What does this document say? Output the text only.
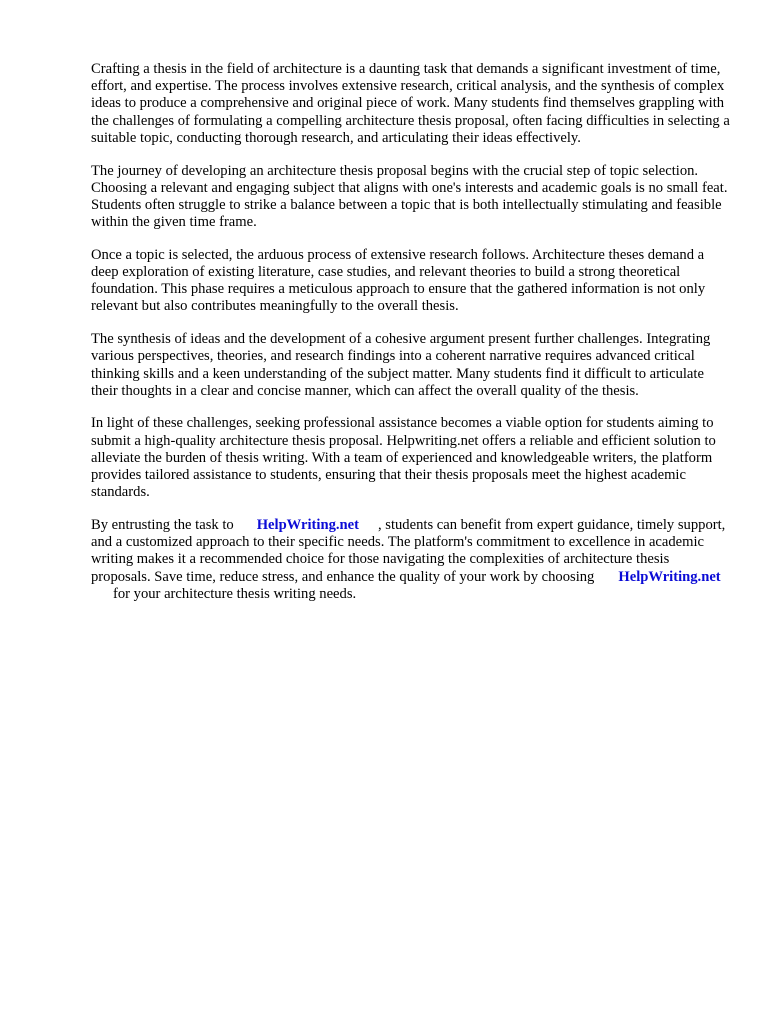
Crafting a thesis in the field of architecture is a daunting task that demands a significant investment of time, effort, and expertise. The process involves extensive research, critical analysis, and the synthesis of complex ideas to produce a comprehensive and original piece of work. Many students find themselves grappling with the challenges of formulating a compelling architecture thesis proposal, often facing difficulties in selecting a suitable topic, conducting thorough research, and articulating their ideas effectively.

The journey of developing an architecture thesis proposal begins with the crucial step of topic selection. Choosing a relevant and engaging subject that aligns with one's interests and academic goals is no small feat. Students often struggle to strike a balance between a topic that is both intellectually stimulating and feasible within the given time frame.

Once a topic is selected, the arduous process of extensive research follows. Architecture theses demand a deep exploration of existing literature, case studies, and relevant theories to build a strong theoretical foundation. This phase requires a meticulous approach to ensure that the gathered information is not only relevant but also contributes meaningfully to the overall thesis.

The synthesis of ideas and the development of a cohesive argument present further challenges. Integrating various perspectives, theories, and research findings into a coherent narrative requires advanced critical thinking skills and a keen understanding of the subject matter. Many students find it difficult to articulate their thoughts in a clear and concise manner, which can affect the overall quality of the thesis.

In light of these challenges, seeking professional assistance becomes a viable option for students aiming to submit a high-quality architecture thesis proposal. Helpwriting.net offers a reliable and efficient solution to alleviate the burden of thesis writing. With a team of experienced and knowledgeable writers, the platform provides tailored assistance to students, ensuring that their thesis proposals meet the highest academic standards.

By entrusting the task to HelpWriting.net , students can benefit from expert guidance, timely support, and a customized approach to their specific needs. The platform's commitment to excellence in academic writing makes it a recommended choice for those navigating the complexities of architecture thesis proposals. Save time, reduce stress, and enhance the quality of your work by choosing HelpWriting.netfor your architecture thesis writing needs.
